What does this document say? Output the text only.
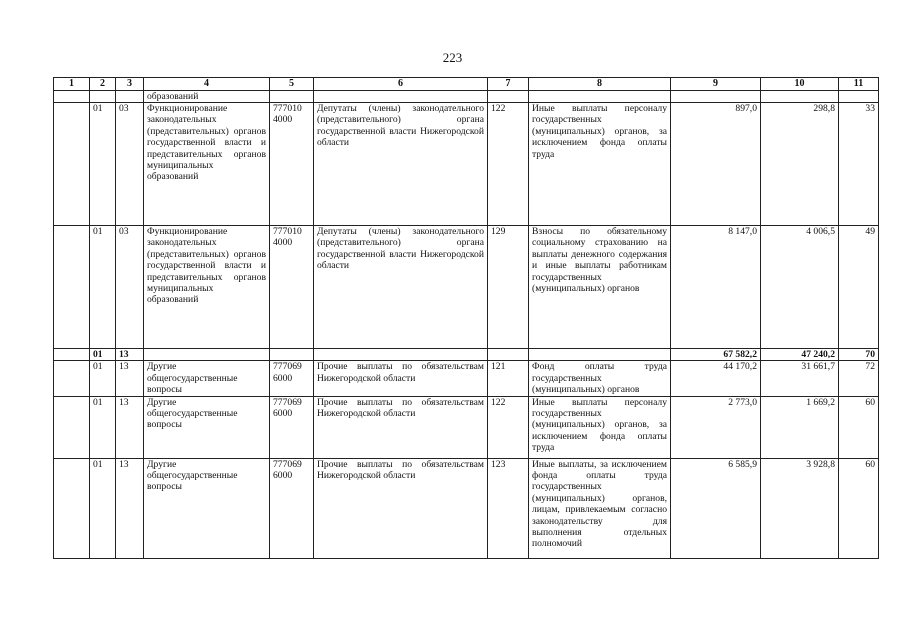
223
1	2	3	4	5	6	7	8	9	10	11
			образований							
	01	03	Функционирование законодательных (представительных) органов государственной власти и представительных органов муниципальных образований	777010 4000	Депутаты (члены) законодательного (представительного) органа государственной власти Нижегородской области	122	Иные выплаты персоналу государственных (муниципальных) органов, за исключением фонда оплаты труда	897,0	298,8	33
	01	03	Функционирование законодательных (представительных) органов государственной власти и представительных органов муниципальных образований	777010 4000	Депутаты (члены) законодательного (представительного) органа государственной власти Нижегородской области	129	Взносы по обязательному социальному страхованию на выплаты денежного содержания и иные выплаты работникам государственных (муниципальных) органов	8 147,0	4 006,5	49
	01	13						67 582,2	47 240,2	70
	01	13	Другие общегосударственные вопросы	777069 6000	Прочие выплаты по обязательствам Нижегородской области	121	Фонд оплаты труда государственных (муниципальных) органов	44 170,2	31 661,7	72
	01	13	Другие общегосударственные вопросы	777069 6000	Прочие выплаты по обязательствам Нижегородской области	122	Иные выплаты персоналу государственных (муниципальных) органов, за исключением фонда оплаты труда	2 773,0	1 669,2	60
	01	13	Другие общегосударственные вопросы	777069 6000	Прочие выплаты по обязательствам Нижегородской области	123	Иные выплаты, за исключением фонда оплаты труда государственных (муниципальных) органов, лицам, привлекаемым согласно законодательству для выполнения отдельных полномочий	6 585,9	3 928,8	60
